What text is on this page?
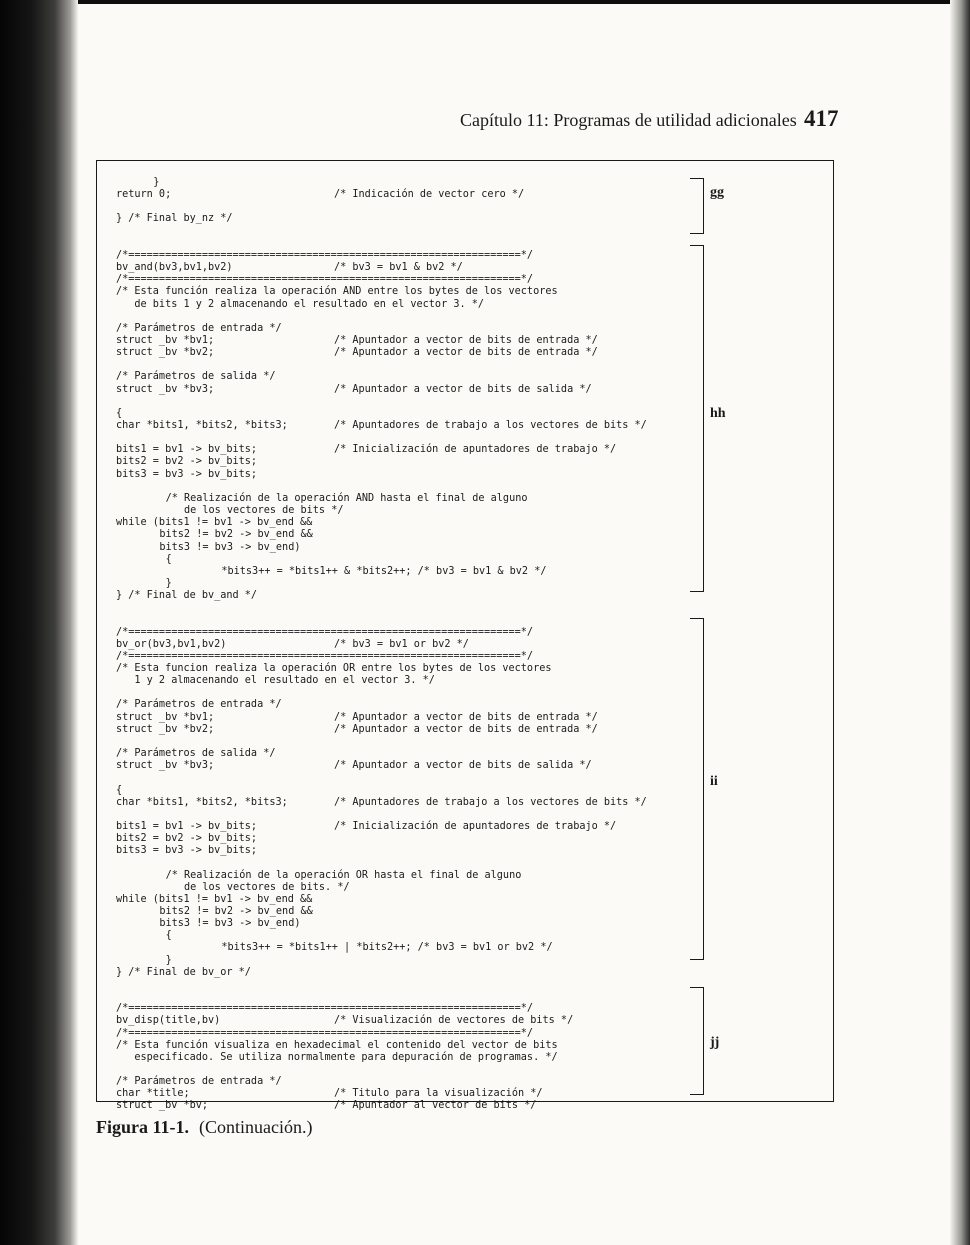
Capítulo 11: Programas de utilidad adicionales 417
}
return 0;	/* Indicación de vector cero */
} /* Final by_nz */
/*================================================================*/
bv_and(bv3,bv1,bv2)	/* bv3 = bv1 & bv2 */
/*================================================================*/
/* Esta función realiza la operación AND entre los bytes de los vectores
de bits 1 y 2 almacenando el resultado en el vector 3. */
/* Parámetros de entrada */
struct _bv *bv1;	/* Apuntador a vector de bits de entrada */
struct _bv *bv2;	/* Apuntador a vector de bits de entrada */
/* Parámetros de salida */
struct _bv *bv3;	/* Apuntador a vector de bits de salida */
{
char *bits1, *bits2, *bits3;	/* Apuntadores de trabajo a los vectores de bits */
bits1 = bv1 -> bv_bits;	/* Inicialización de apuntadores de trabajo */
bits2 = bv2 -> bv_bits;
bits3 = bv3 -> bv_bits;
/* Realización de la operación AND hasta el final de alguno
de los vectores de bits */
while (bits1 != bv1 -> bv_end &&
bits2 != bv2 -> bv_end &&
bits3 != bv3 -> bv_end)
{
*bits3++ = *bits1++ & *bits2++; /* bv3 = bv1 & bv2 */
}
} /* Final de bv_and */
/*================================================================*/
bv_or(bv3,bv1,bv2)	/* bv3 = bv1 or bv2 */
/*================================================================*/
/* Esta funcion realiza la operación OR entre los bytes de los vectores
1 y 2 almacenando el resultado en el vector 3. */
/* Parámetros de entrada */
struct _bv *bv1;	/* Apuntador a vector de bits de entrada */
struct _bv *bv2;	/* Apuntador a vector de bits de entrada */
/* Parámetros de salida */
struct _bv *bv3;	/* Apuntador a vector de bits de salida */
{
char *bits1, *bits2, *bits3;	/* Apuntadores de trabajo a los vectores de bits */
bits1 = bv1 -> bv_bits;	/* Inicialización de apuntadores de trabajo */
bits2 = bv2 -> bv_bits;
bits3 = bv3 -> bv_bits;
/* Realización de la operación OR hasta el final de alguno
de los vectores de bits. */
while (bits1 != bv1 -> bv_end &&
bits2 != bv2 -> bv_end &&
bits3 != bv3 -> bv_end)
{
*bits3++ = *bits1++ | *bits2++; /* bv3 = bv1 or bv2 */
}
} /* Final de bv_or */
/*================================================================*/
bv_disp(title,bv)	/* Visualización de vectores de bits */
/*================================================================*/
/* Esta función visualiza en hexadecimal el contenido del vector de bits
especificado. Se utiliza normalmente para depuración de programas. */
/* Parámetros de entrada */
char *title;	/* Titulo para la visualización */
struct _bv *bv;	/* Apuntador al vector de bits */
gg
hh
ii
jj
Figura 11-1. (Continuación.)
